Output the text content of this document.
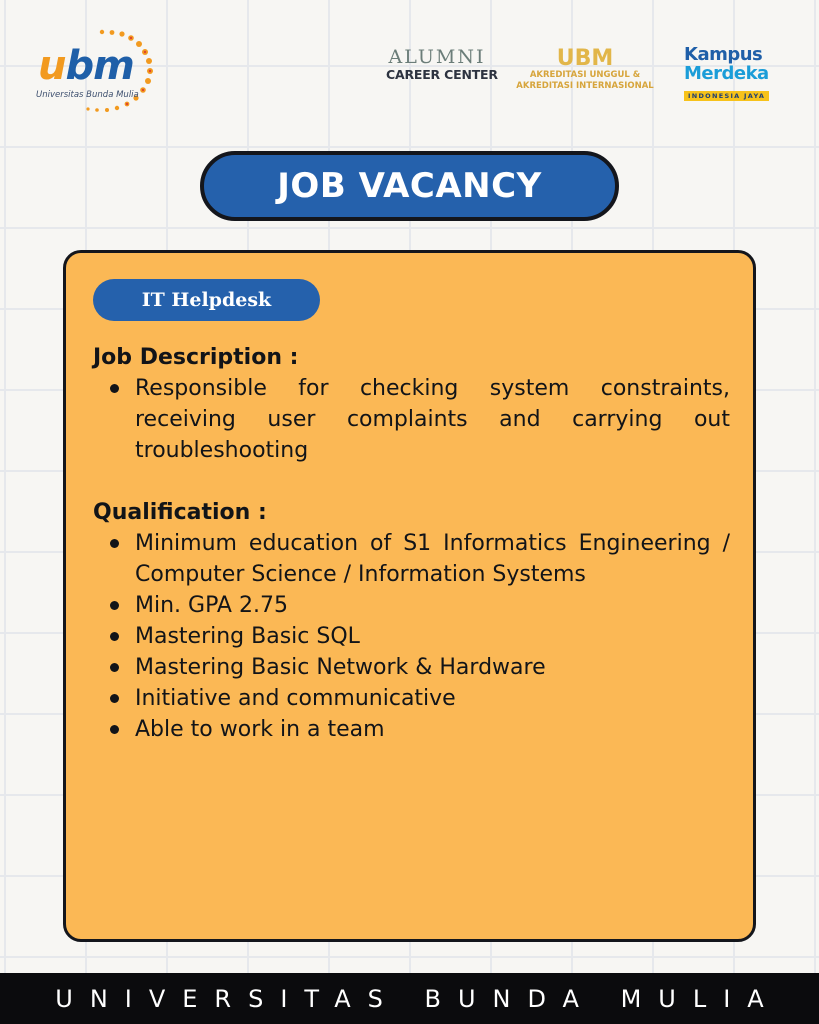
ubm
Universitas Bunda Mulia
ALUMNI
CAREER CENTER
UBM
AKREDITASI UNGGUL &
AKREDITASI INTERNASIONAL
Kampus
Merdeka
INDONESIA JAYA
JOB VACANCY
IT Helpdesk
Job Description :
Responsible for checking system constraints, receiving user complaints and carrying out troubleshooting
Qualification :
Minimum education of S1 Informatics Engineering / Computer Science / Information Systems
Min. GPA 2.75
Mastering Basic SQL
Mastering Basic Network & Hardware
Initiative and communicative
Able to work in a team
UNIVERSITAS BUNDA MULIA
